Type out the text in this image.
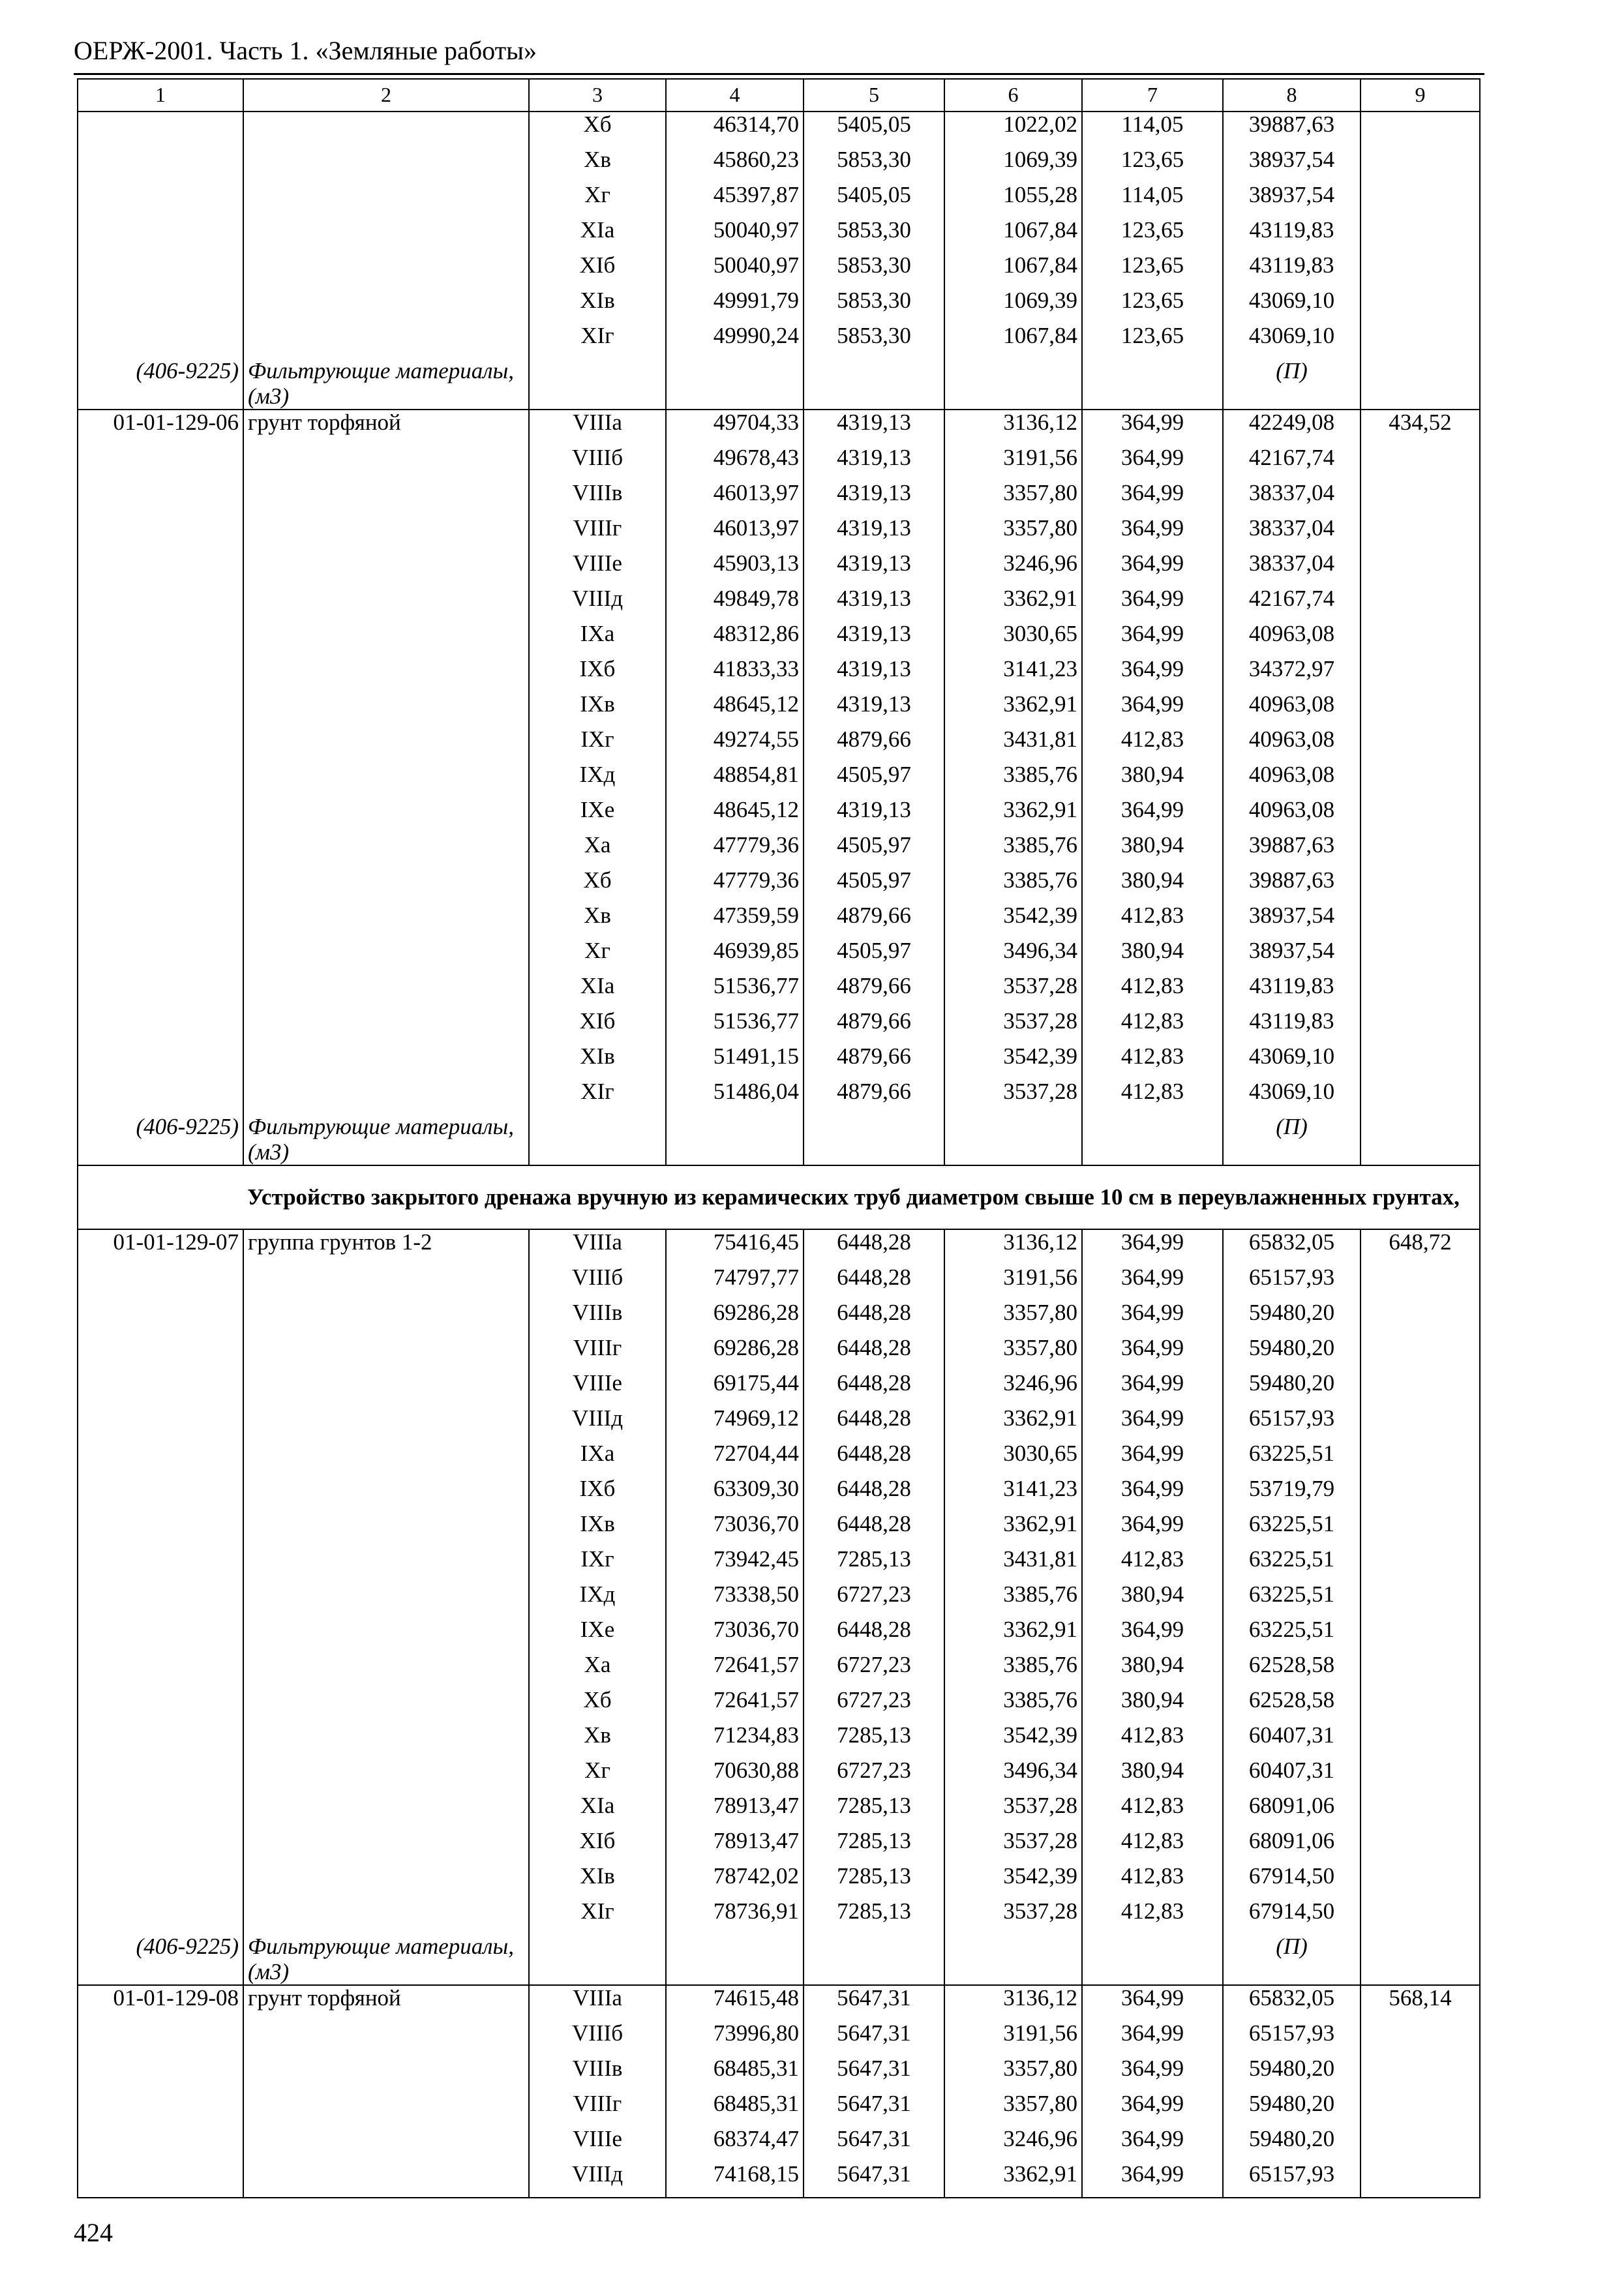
ОЕРЖ-2001. Часть 1. «Земляные работы»
1	2	3	4	5	6	7	8	9
		Xб	46314,70	5405,05	1022,02	114,05	39887,63	
		Xв	45860,23	5853,30	1069,39	123,65	38937,54	
		Xг	45397,87	5405,05	1055,28	114,05	38937,54	
		XIа	50040,97	5853,30	1067,84	123,65	43119,83	
		XIб	50040,97	5853,30	1067,84	123,65	43119,83	
		XIв	49991,79	5853,30	1069,39	123,65	43069,10	
		XIг	49990,24	5853,30	1067,84	123,65	43069,10	
(406-9225)	Фильтрующие материалы, (м3)						(П)	
01-01-129-06	грунт торфяной	VIIIа	49704,33	4319,13	3136,12	364,99	42249,08	434,52
		VIIIб	49678,43	4319,13	3191,56	364,99	42167,74	
		VIIIв	46013,97	4319,13	3357,80	364,99	38337,04	
		VIIIг	46013,97	4319,13	3357,80	364,99	38337,04	
		VIIIе	45903,13	4319,13	3246,96	364,99	38337,04	
		VIIIд	49849,78	4319,13	3362,91	364,99	42167,74	
		IXа	48312,86	4319,13	3030,65	364,99	40963,08	
		IXб	41833,33	4319,13	3141,23	364,99	34372,97	
		IXв	48645,12	4319,13	3362,91	364,99	40963,08	
		IXг	49274,55	4879,66	3431,81	412,83	40963,08	
		IXд	48854,81	4505,97	3385,76	380,94	40963,08	
		IXе	48645,12	4319,13	3362,91	364,99	40963,08	
		Xа	47779,36	4505,97	3385,76	380,94	39887,63	
		Xб	47779,36	4505,97	3385,76	380,94	39887,63	
		Xв	47359,59	4879,66	3542,39	412,83	38937,54	
		Xг	46939,85	4505,97	3496,34	380,94	38937,54	
		XIа	51536,77	4879,66	3537,28	412,83	43119,83	
		XIб	51536,77	4879,66	3537,28	412,83	43119,83	
		XIв	51491,15	4879,66	3542,39	412,83	43069,10	
		XIг	51486,04	4879,66	3537,28	412,83	43069,10	
(406-9225)	Фильтрующие материалы, (м3)						(П)	
	Устройство закрытого дренажа вручную из керамических труб диаметром свыше 10 см в переувлажненных грунтах,							
01-01-129-07	группа грунтов 1-2	VIIIа	75416,45	6448,28	3136,12	364,99	65832,05	648,72
		VIIIб	74797,77	6448,28	3191,56	364,99	65157,93	
		VIIIв	69286,28	6448,28	3357,80	364,99	59480,20	
		VIIIг	69286,28	6448,28	3357,80	364,99	59480,20	
		VIIIе	69175,44	6448,28	3246,96	364,99	59480,20	
		VIIIд	74969,12	6448,28	3362,91	364,99	65157,93	
		IXа	72704,44	6448,28	3030,65	364,99	63225,51	
		IXб	63309,30	6448,28	3141,23	364,99	53719,79	
		IXв	73036,70	6448,28	3362,91	364,99	63225,51	
		IXг	73942,45	7285,13	3431,81	412,83	63225,51	
		IXд	73338,50	6727,23	3385,76	380,94	63225,51	
		IXе	73036,70	6448,28	3362,91	364,99	63225,51	
		Xа	72641,57	6727,23	3385,76	380,94	62528,58	
		Xб	72641,57	6727,23	3385,76	380,94	62528,58	
		Xв	71234,83	7285,13	3542,39	412,83	60407,31	
		Xг	70630,88	6727,23	3496,34	380,94	60407,31	
		XIа	78913,47	7285,13	3537,28	412,83	68091,06	
		XIб	78913,47	7285,13	3537,28	412,83	68091,06	
		XIв	78742,02	7285,13	3542,39	412,83	67914,50	
		XIг	78736,91	7285,13	3537,28	412,83	67914,50	
(406-9225)	Фильтрующие материалы, (м3)						(П)	
01-01-129-08	грунт торфяной	VIIIа	74615,48	5647,31	3136,12	364,99	65832,05	568,14
		VIIIб	73996,80	5647,31	3191,56	364,99	65157,93	
		VIIIв	68485,31	5647,31	3357,80	364,99	59480,20	
		VIIIг	68485,31	5647,31	3357,80	364,99	59480,20	
		VIIIе	68374,47	5647,31	3246,96	364,99	59480,20	
		VIIIд	74168,15	5647,31	3362,91	364,99	65157,93	
424
